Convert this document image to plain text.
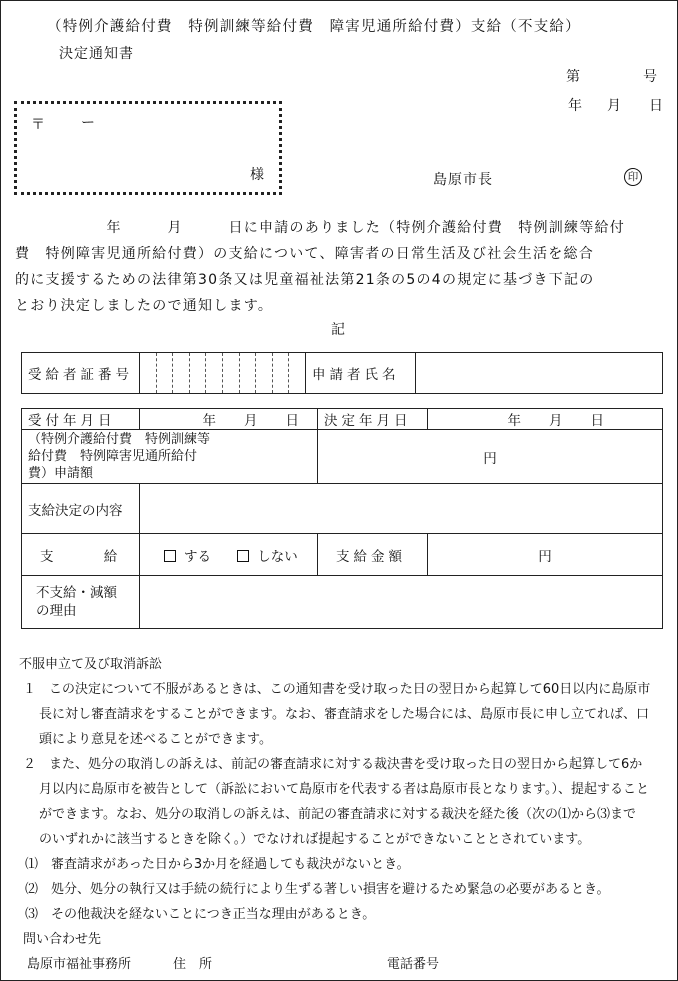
（特例介護給付費　特例訓練等給付費　障害児通所給付費）支給（不支給）
決定通知書
第	号
年 月 日
〒	ー
様	島原市長	印
　　　　　　年　　　月　　　日に申請のありました（特例介護給付費　特例訓練等給付
費　特例障害児通所給付費）の支給について、障害者の日常生活及び社会生活を総合
的に支援するための法律第30条又は児童福祉法第21条の5の4の規定に基づき下記の
とおり決定しましたので通知します。
記
受給者証番号		申請者氏名	
受付年月日	年 月 日	決定年月日	年 月 日

（特例介護給付費　特例訓練等
給付費　特例障害児通所給付
費）申請額		円	
支給決定の内容			
支 給	する しない	支給金額	円

不支給・減額
の理由			

不服申立て及び取消訴訟
１　この決定について不服があるときは、この通知書を受け取った日の翌日から起算して60日以内に島原市
長に対し審査請求をすることができます。なお、審査請求をした場合には、島原市長に申し立てれば、口
頭により意見を述べることができます。
２　また、処分の取消しの訴えは、前記の審査請求に対する裁決書を受け取った日の翌日から起算して6か
月以内に島原市を被告として（訴訟において島原市を代表する者は島原市長となります。）、提起すること
ができます。なお、処分の取消しの訴えは、前記の審査請求に対する裁決を経た後（次の⑴から⑶まで
のいずれかに該当するときを除く。）でなければ提起することができないこととされています。
⑴　審査請求があった日から3か月を経過しても裁決がないとき。
⑵　処分、処分の執行又は手続の続行により生ずる著しい損害を避けるため緊急の必要があるとき。
⑶　その他裁決を経ないことにつき正当な理由があるとき。
問い合わせ先
島原市福祉事務所	住　所	電話番号
